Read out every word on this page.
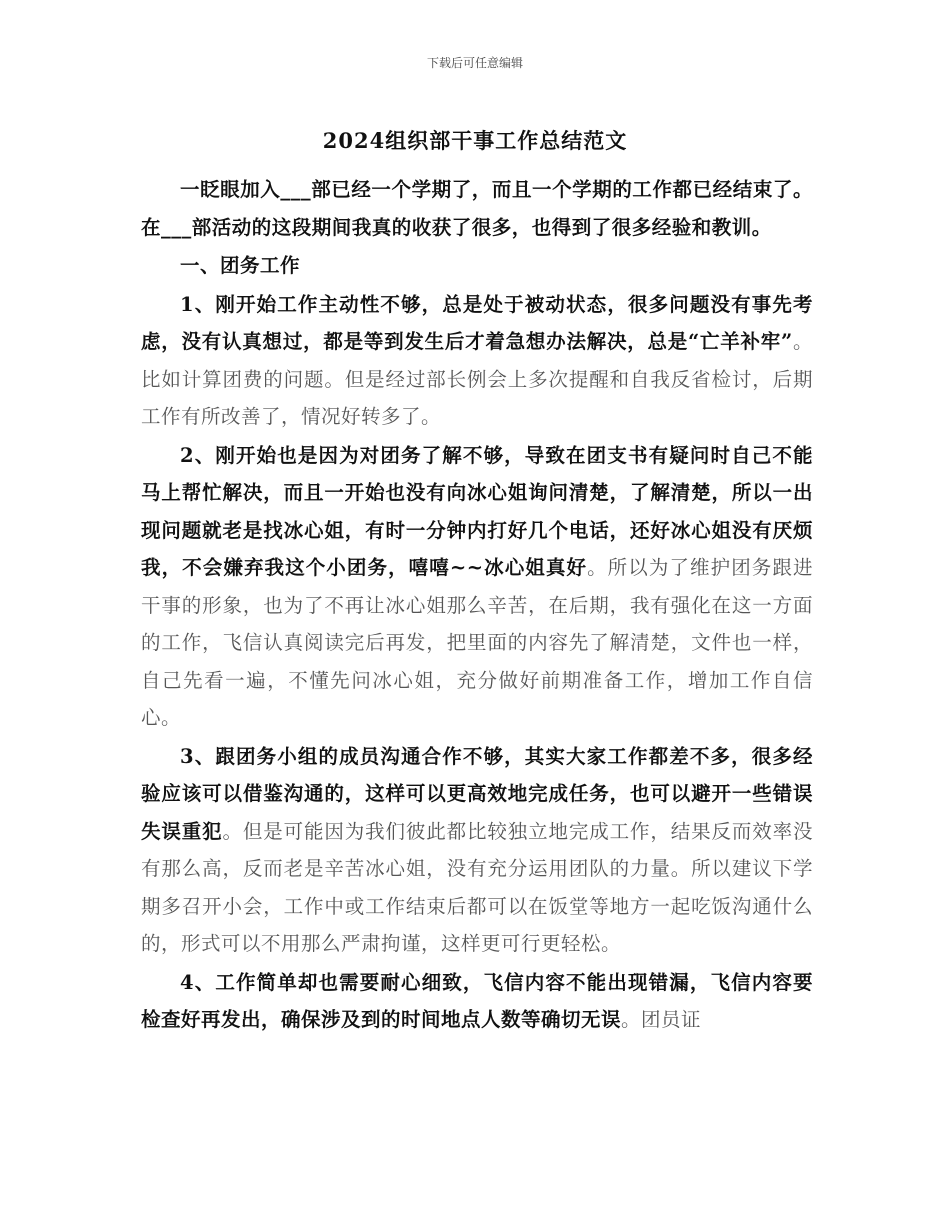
下载后可任意编辑
2024组织部干事工作总结范文

一眨眼加入___部已经一个学期了，而且一个学期的工作都已经结束了。在___部活动的这段期间我真的收获了很多，也得到了很多经验和教训。

一、团务工作

1、刚开始工作主动性不够，总是处于被动状态，很多问题没有事先考虑，没有认真想过，都是等到发生后才着急想办法解决，总是“亡羊补牢”。比如计算团费的问题。但是经过部长例会上多次提醒和自我反省检讨，后期工作有所改善了，情况好转多了。

2、刚开始也是因为对团务了解不够，导致在团支书有疑问时自己不能马上帮忙解决，而且一开始也没有向冰心姐询问清楚，了解清楚，所以一出现问题就老是找冰心姐，有时一分钟内打好几个电话，还好冰心姐没有厌烦我，不会嫌弃我这个小团务，嘻嘻~~冰心姐真好。所以为了维护团务跟进干事的形象，也为了不再让冰心姐那么辛苦，在后期，我有强化在这一方面的工作，飞信认真阅读完后再发，把里面的内容先了解清楚，文件也一样，自己先看一遍，不懂先问冰心姐，充分做好前期准备工作，增加工作自信心。

3、跟团务小组的成员沟通合作不够，其实大家工作都差不多，很多经验应该可以借鉴沟通的，这样可以更高效地完成任务，也可以避开一些错误失误重犯。但是可能因为我们彼此都比较独立地完成工作，结果反而效率没有那么高，反而老是辛苦冰心姐，没有充分运用团队的力量。所以建议下学期多召开小会，工作中或工作结束后都可以在饭堂等地方一起吃饭沟通什么的，形式可以不用那么严肃拘谨，这样更可行更轻松。

4、工作简单却也需要耐心细致，飞信内容不能出现错漏，飞信内容要检查好再发出，确保涉及到的时间地点人数等确切无误。团员证
